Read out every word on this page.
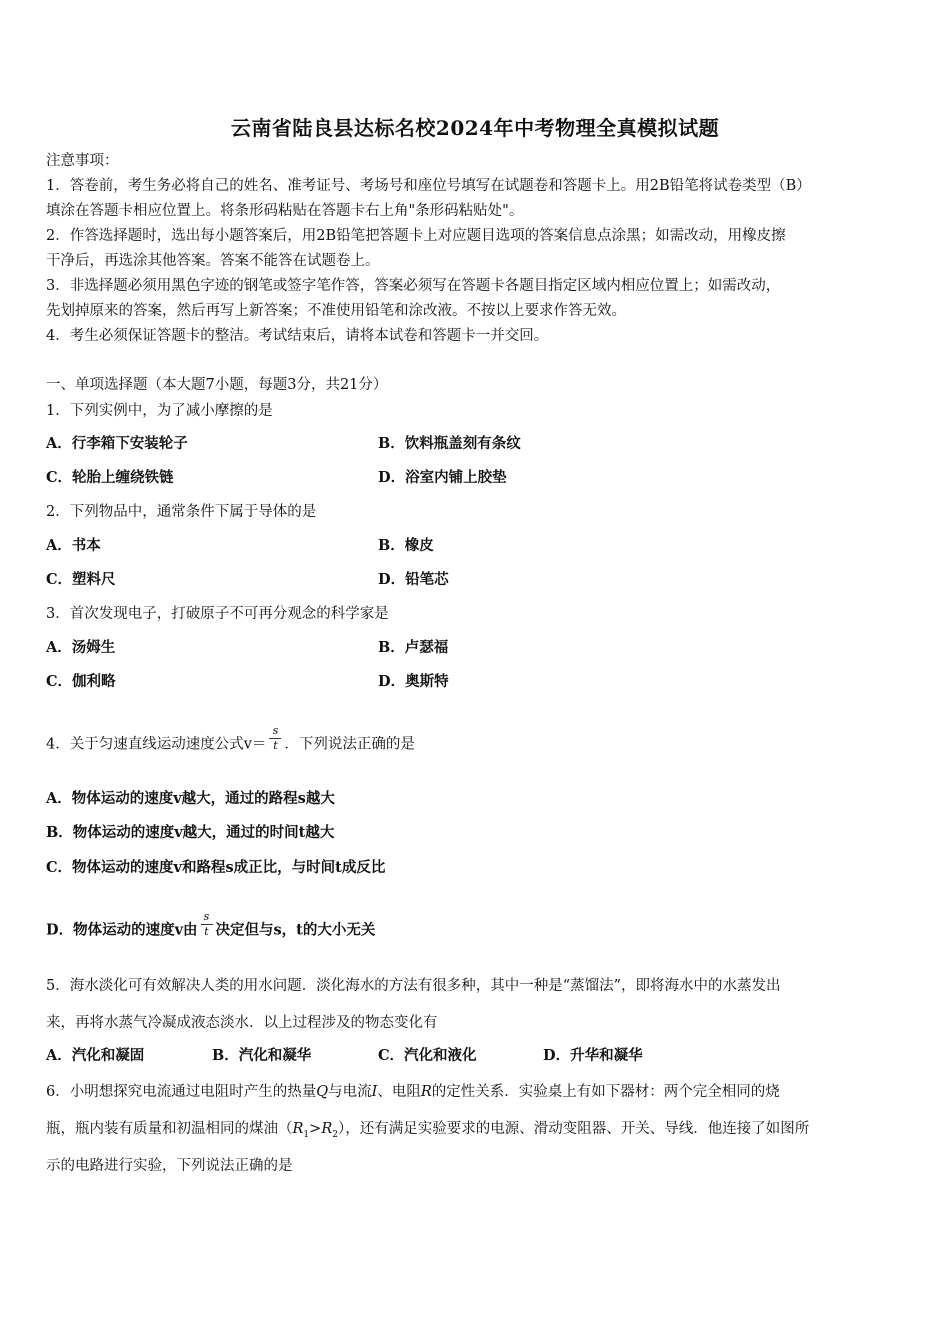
云南省陆良县达标名校2024年中考物理全真模拟试题
注意事项：
1．答卷前，考生务必将自己的姓名、准考证号、考场号和座位号填写在试题卷和答题卡上。用2B铅笔将试卷类型（B）
填涂在答题卡相应位置上。将条形码粘贴在答题卡右上角"条形码粘贴处"。
2．作答选择题时，选出每小题答案后，用2B铅笔把答题卡上对应题目选项的答案信息点涂黑；如需改动，用橡皮擦
干净后，再选涂其他答案。答案不能答在试题卷上。
3．非选择题必须用黑色字迹的钢笔或签字笔作答，答案必须写在答题卡各题目指定区域内相应位置上；如需改动，
先划掉原来的答案，然后再写上新答案；不准使用铅笔和涂改液。不按以上要求作答无效。
4．考生必须保证答题卡的整洁。考试结束后，请将本试卷和答题卡一并交回。
一、单项选择题（本大题7小题，每题3分，共21分）
1．下列实例中，为了减小摩擦的是
A．行李箱下安装轮子	B．饮料瓶盖刻有条纹
C．轮胎上缠绕铁链	D．浴室内铺上胶垫
2．下列物品中，通常条件下属于导体的是
A．书本	B．橡皮
C．塑料尺	D．铅笔芯
3．首次发现电子，打破原子不可再分观念的科学家是
A．汤姆生	B．卢瑟福
C．伽利略	D．奥斯特
4．关于匀速直线运动速度公式$v= \frac{s}{t}$ ．下列说法正确的是
A．物体运动的速度v越大，通过的路程s越大
B．物体运动的速度v越大，通过的时间t越大
C．物体运动的速度v和路程s成正比，与时间t成反比
D．物体运动的速度v由 $\frac{s}{t}$ 决定但与s，t的大小无关
5．海水淡化可有效解决人类的用水问题．淡化海水的方法有很多种，其中一种是“蒸馏法”，即将海水中的水蒸发出
来，再将水蒸气冷凝成液态淡水．以上过程涉及的物态变化有
A．汽化和凝固	B．汽化和凝华	C．汽化和液化	D．升华和凝华
6．小明想探究电流通过电阻时产生的热量Q与电流I、电阻R的定性关系．实验桌上有如下器材：两个完全相同的烧
瓶，瓶内装有质量和初温相同的煤油$(R_1>R_2)$，还有满足实验要求的电源、滑动变阻器、开关、导线．他连接了如图所
示的电路进行实验，下列说法正确的是
